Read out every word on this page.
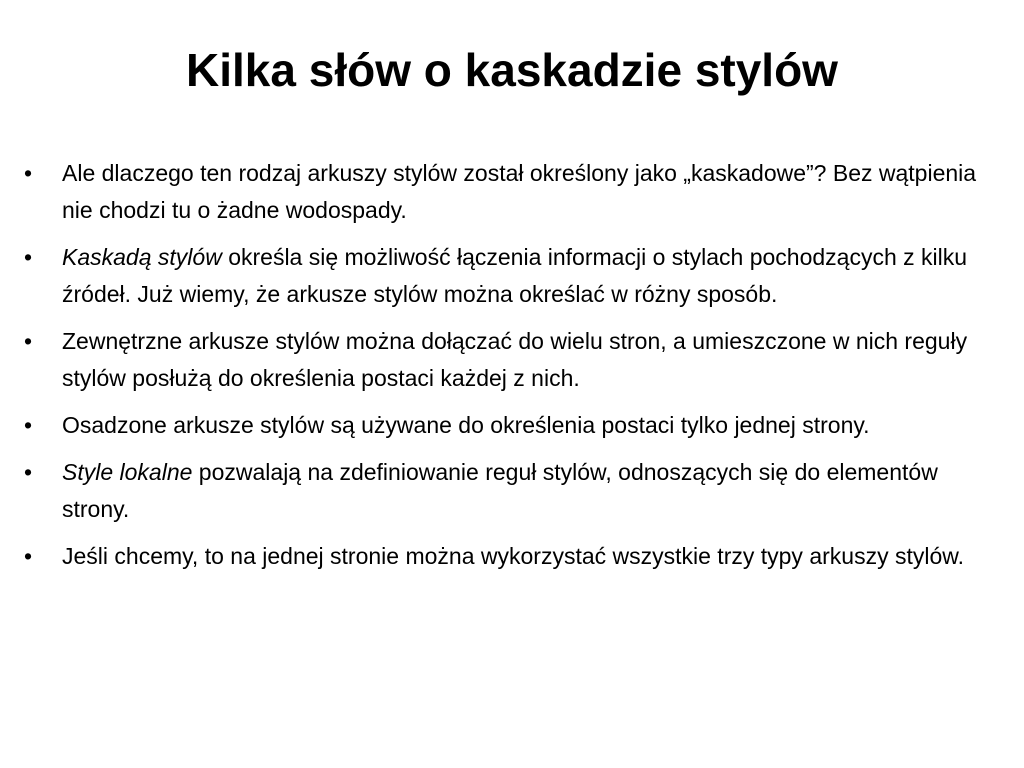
Kilka słów o kaskadzie stylów
• Ale dlaczego ten rodzaj arkuszy stylów został określony jako „kaskadowe”? Bez wątpienia nie chodzi tu o żadne wodospady.
• Kaskadą stylów określa się możliwość łączenia informacji o stylach pochodzących z kilku źródeł. Już wiemy, że arkusze stylów można określać w różny sposób.
• Zewnętrzne arkusze stylów można dołączać do wielu stron, a umieszczone w nich reguły stylów posłużą do określenia postaci każdej z nich.
• Osadzone arkusze stylów są używane do określenia postaci tylko jednej strony.
• Style lokalne pozwalają na zdefiniowanie reguł stylów, odnoszących się do elementów strony.
• Jeśli chcemy, to na jednej stronie można wykorzystać wszystkie trzy typy arkuszy stylów.
